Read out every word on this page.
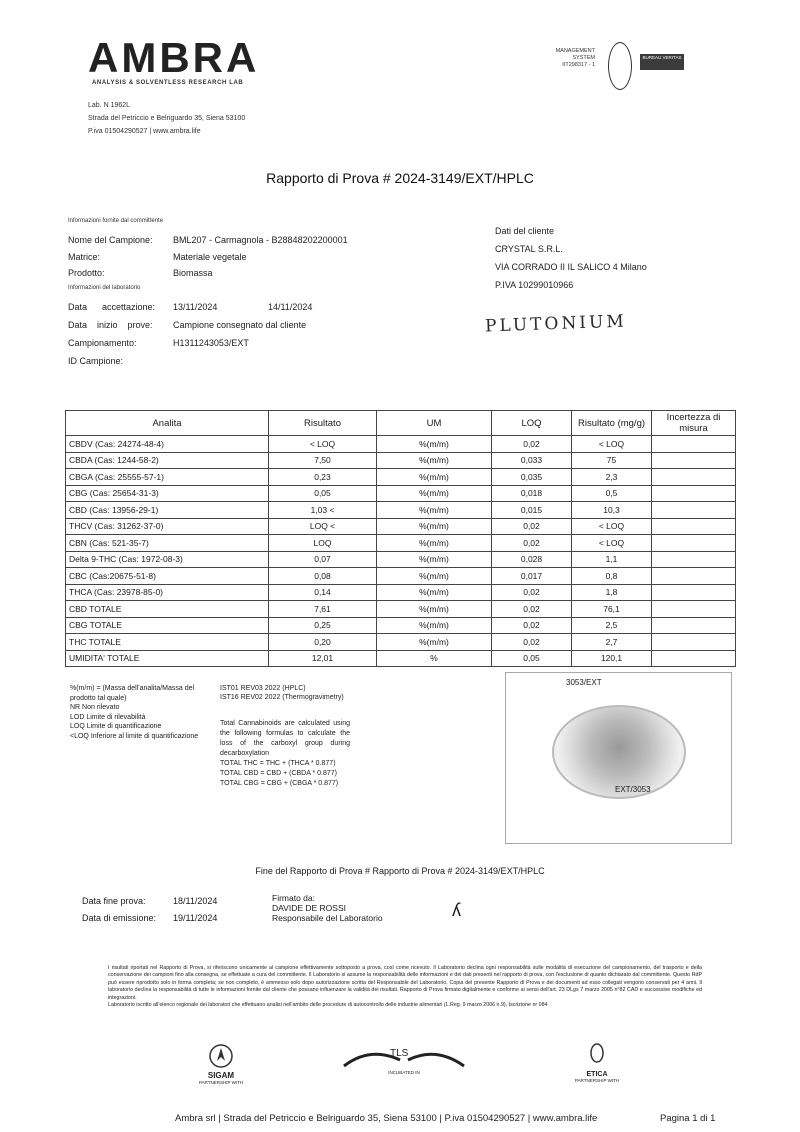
AMBRA
ANALYSIS & SOLVENTLESS RESEARCH LAB
Lab. N 1962L
Strada del Petriccio e Belriguardo 35, Siena 53100
P.iva 01504290527 | www.ambra.life
MANAGEMENT
SYSTEM
IIT298317 - 1
BUREAU VERITAS
Rapporto di Prova # 2024-3149/EXT/HPLC
Informazioni fornite dal committente
Nome del Campione: BML207 - Carmagnola - B28848202200001
Matrice:	Materiale vegetale
Prodotto:	Biomassa
Informazioni del laboratorio
Data      accettazione: 13/11/2024	14/11/2024
Data    inizio    prove: Campione consegnato dal cliente
Campionamento:	H1311243053/EXT
ID Campione:
Dati del cliente
CRYSTAL S.R.L.
VIA CORRADO II IL SALICO 4 Milano
P.IVA 10299010966
PLUTONIUM
Analita	Risultato	UM	LOQ	Risultato (mg/g)	Incertezza di misura
CBDV (Cas: 24274-48-4)	< LOQ	%(m/m)	0,02	< LOQ	
CBDA (Cas: 1244-58-2)	7,50	%(m/m)	0,033	75	
CBGA (Cas: 25555-57-1)	0,23	%(m/m)	0,035	2,3	
CBG (Cas: 25654-31-3)	0,05	%(m/m)	0,018	0,5	
CBD (Cas: 13956-29-1)	1,03 <	%(m/m)	0,015	10,3	
THCV (Cas: 31262-37-0)	LOQ <	%(m/m)	0,02	< LOQ	
CBN (Cas: 521-35-7)	LOQ	%(m/m)	0,02	< LOQ	
Delta 9-THC (Cas: 1972-08-3)	0,07	%(m/m)	0,028	1,1	
CBC (Cas:20675-51-8)	0,08	%(m/m)	0,017	0,8	
THCA (Cas: 23978-85-0)	0,14	%(m/m)	0,02	1,8	
CBD TOTALE	7,61	%(m/m)	0,02	76,1	
CBG TOTALE	0,25	%(m/m)	0,02	2,5	
THC TOTALE	0,20	%(m/m)	0,02	2,7	
UMIDITA' TOTALE	12,01	%	0,05	120,1	
%(m/m) = (Massa dell'analita/Massa del
prodotto tal quale)
NR Non rilevato
LOD Limite di rilevabilità
LOQ Limite di quantificazione
<LOQ Inferiore al limite di quantificazione
IST01 REV03 2022 (HPLC)
IST16 REV02 2022 (Thermogravimetry)
Total Cannabinoids are calculated using the following formulas to calculate the loss of the carboxyl group during decarboxylation
TOTAL THC = THC + (THCA * 0.877)
TOTAL CBD = CBD + (CBDA * 0.877)
TOTAL CBG = CBG + (CBGA * 0.877)
3053/EXT
EXT/3053
Fine del Rapporto di Prova # Rapporto di Prova # 2024-3149/EXT/HPLC
Data fine prova:	18/11/2024
Data di emissione: 19/11/2024
Firmato da:
DAVIDE DE ROSSI
Responsabile del Laboratorio	ʎ
I risultati riportati nel Rapporto di Prova, si riferiscono unicamente al campione effettivamente sottoposto a prova, così come ricevuto. Il Laboratorio declina ogni responsabilità sulle modalità di esecuzione del campionamento, del trasporto e della conservazione dei campioni fino alla consegna, se effettuate a cura del committente. Il Laboratorio si assume la responsabilità delle informazioni e dei dati presenti nel rapporto di prova, con l'esclusione di quanto dichiarato dal committente. Questo RdP può essere riprodotto solo in forma completa; se non completo, è ammesso solo dopo autorizzazione scritta del Responsabile del Laboratorio. Copia del presente Rapporto di Prova e dei documenti ad esso collegati vengono conservati per 4 anni. Il laboratorio declina la responsabilità di tutte le informazioni fornite dal cliente che possano influenzare la validità dei risultati. Rapporto di Prova firmato digitalmente e conforme ai sensi dell'art. 23 DLgs 7 marzo 2005 n°82 CAD e successive modifiche ed integrazioni.
Laboratorio iscritto all'elenco regionale dei laboratori che effettuano analisi nell'ambito delle procedure di autocontrollo delle industrie alimentari (L.Reg. 9 marzo 2006 n.9), Iscrizione nr 084
SIGAM
PARTNERSHIP WITH
TLS
INCUBATED IN	ETICA
PARTNERSHIP WITH
Ambra srl | Strada del Petriccio e Belriguardo 35, Siena 53100 | P.iva 01504290527 | www.ambra.life	Pagina 1 di 1
